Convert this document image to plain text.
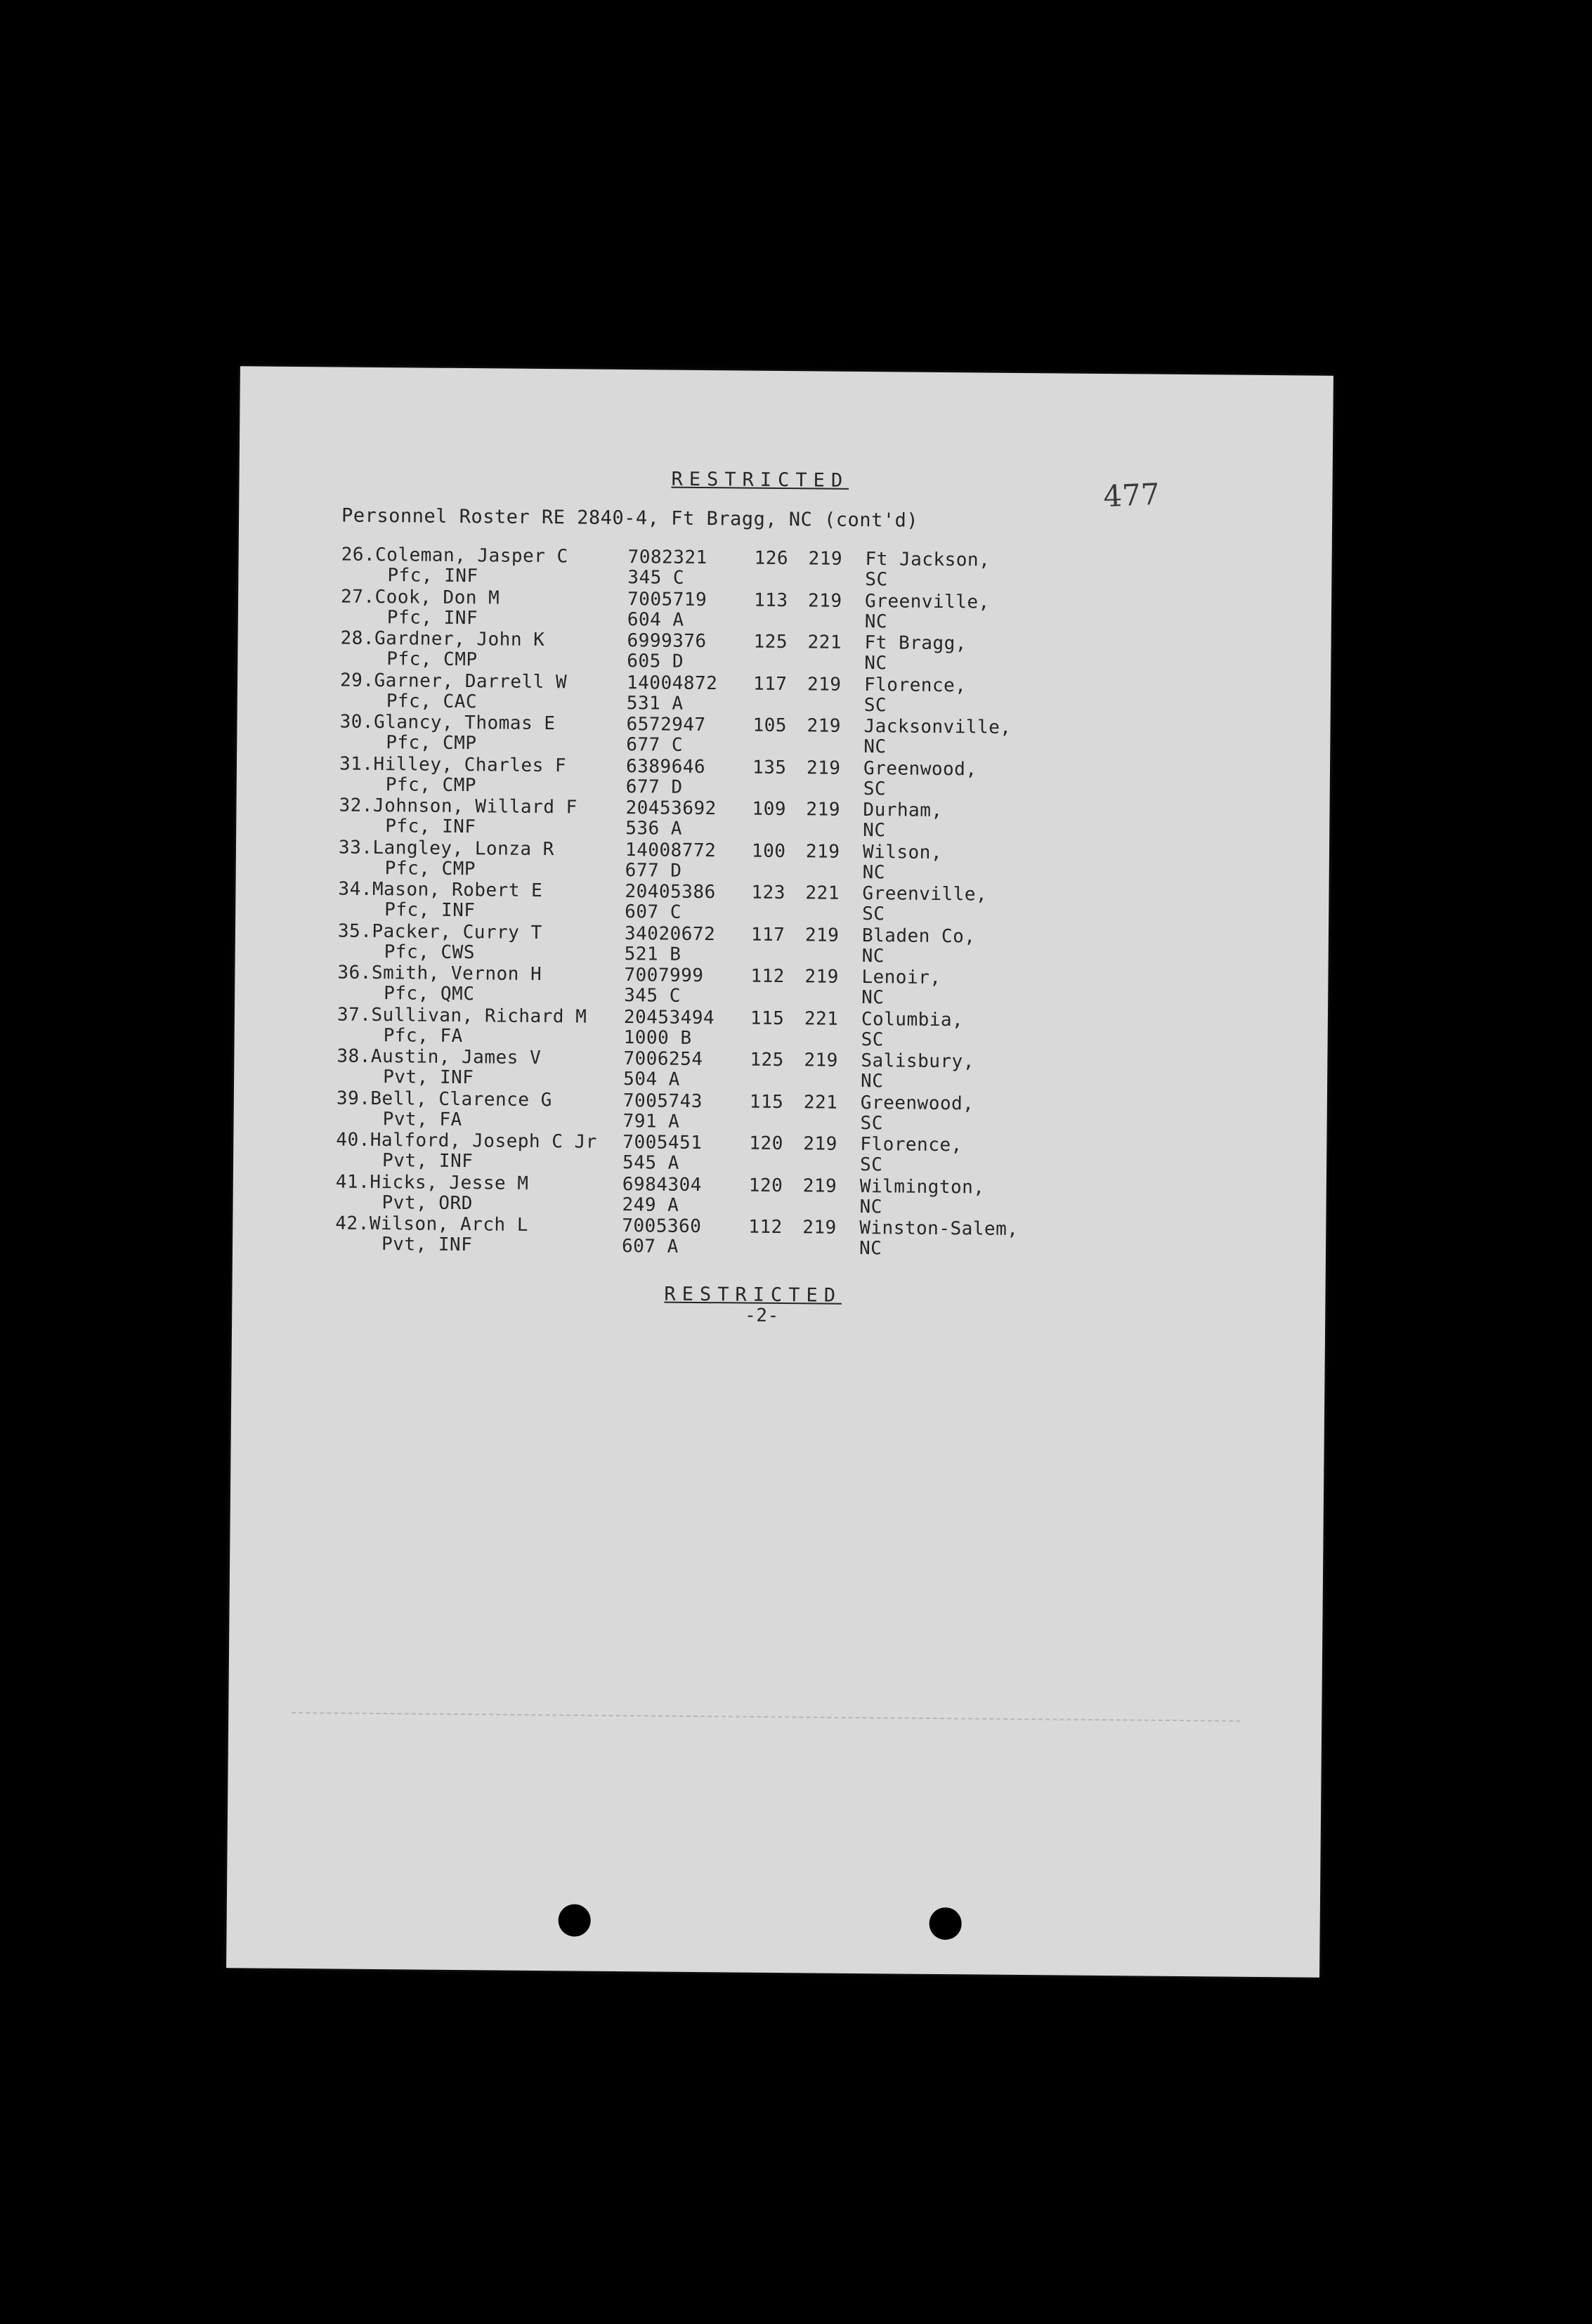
RESTRICTED	477
Personnel Roster RE 2840-4, Ft Bragg, NC (cont'd)
26.Coleman, Jasper C	7082321	126 219 Ft Jackson,
Pfc, INF	345 C	SC
27.Cook, Don M	7005719	113 219 Greenville,
Pfc, INF	604 A	NC
28.Gardner, John K	6999376	125 221 Ft Bragg,
Pfc, CMP	605 D	NC
29.Garner, Darrell W	14004872 117 219 Florence,
Pfc, CAC	531 A	SC
30.Glancy, Thomas E	6572947	105 219 Jacksonville,
Pfc, CMP	677 C	NC
31.Hilley, Charles F	6389646	135 219 Greenwood,
Pfc, CMP	677 D	SC
32.Johnson, Willard F	20453692 109 219 Durham,
Pfc, INF	536 A	NC
33.Langley, Lonza R	14008772 100 219 Wilson,
Pfc, CMP	677 D	NC
34.Mason, Robert E	20405386 123 221 Greenville,
Pfc, INF	607 C	SC
35.Packer, Curry T	34020672 117 219 Bladen Co,
Pfc, CWS	521 B	NC
36.Smith, Vernon H	7007999	112 219 Lenoir,
Pfc, QMC	345 C	NC
37.Sullivan, Richard M 20453494 115 221 Columbia,
Pfc, FA	1000 B	SC
38.Austin, James V	7006254	125 219 Salisbury,
Pvt, INF	504 A	NC
39.Bell, Clarence G	7005743	115 221 Greenwood,
Pvt, FA	791 A	SC
40.Halford, Joseph C Jr 7005451	120 219 Florence,
Pvt, INF	545 A	SC
41.Hicks, Jesse M	6984304	120 219 Wilmington,
Pvt, ORD	249 A	NC
42.Wilson, Arch L	7005360	112 219 Winston-Salem,
Pvt, INF	607 A	NC
RESTRICTED
-2-
